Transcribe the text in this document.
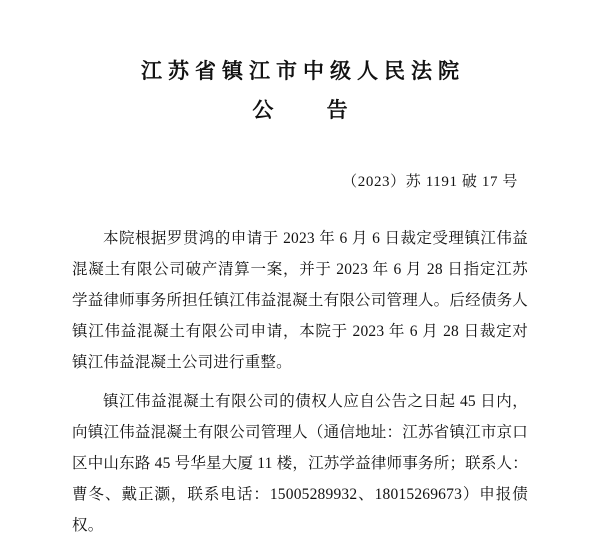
江苏省镇江市中级人民法院
公 告
（2023）苏 1191 破 17 号

本院根据罗贯鸿的申请于 2023 年 6 月 6 日裁定受理镇江伟益混凝土有限公司破产清算一案，并于 2023 年 6 月 28 日指定江苏学益律师事务所担任镇江伟益混凝土有限公司管理人。后经债务人镇江伟益混凝土有限公司申请，本院于 2023 年 6 月 28 日裁定对镇江伟益混凝土公司进行重整。

镇江伟益混凝土有限公司的债权人应自公告之日起 45 日内，向镇江伟益混凝土有限公司管理人（通信地址：江苏省镇江市京口区中山东路 45 号华星大厦 11 楼，江苏学益律师事务所；联系人：曹冬、戴正灏，联系电话：15005289932、18015269673）申报债权。
